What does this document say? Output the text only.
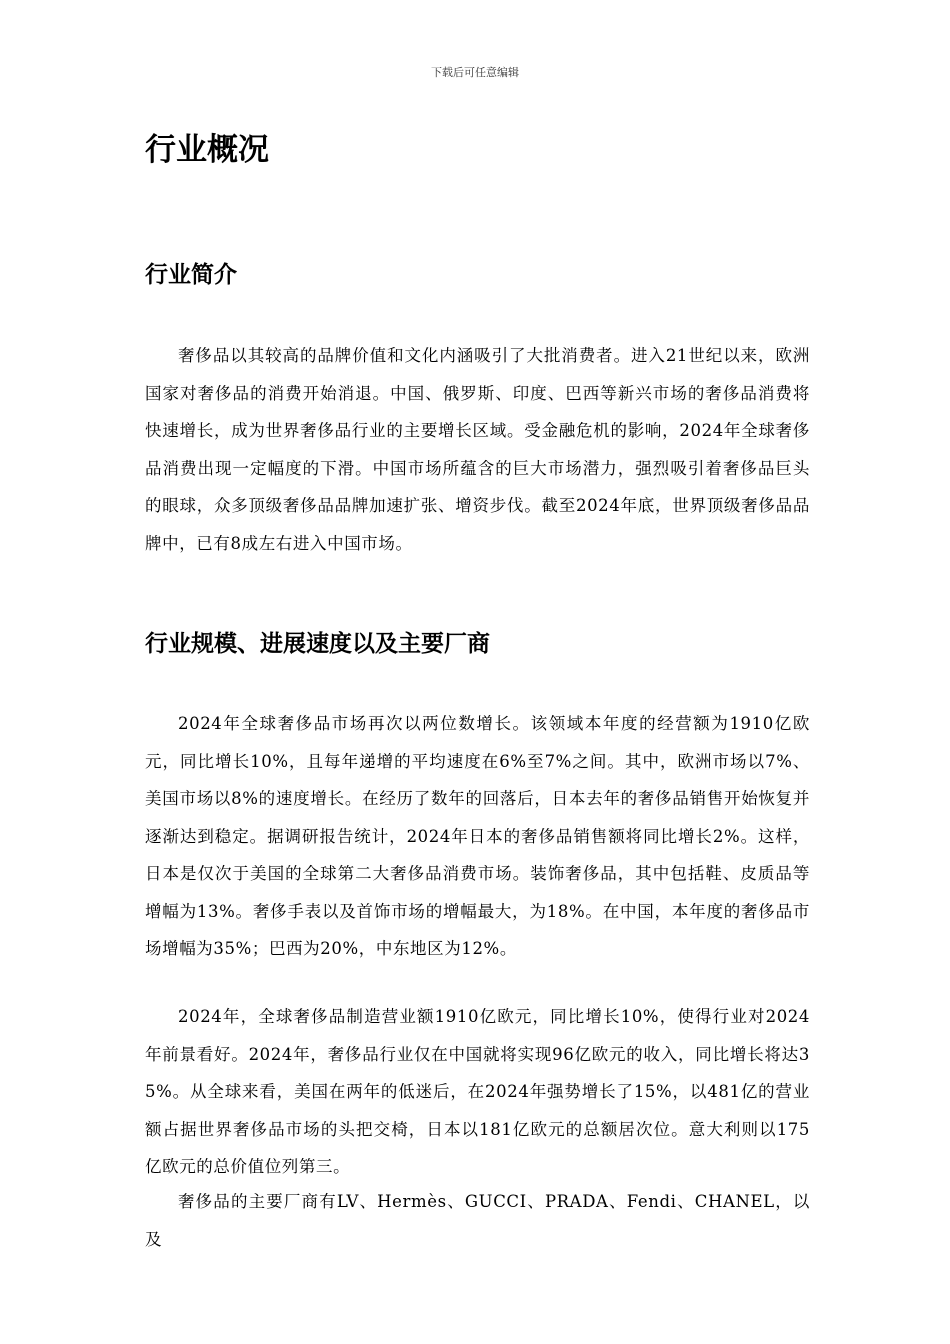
下载后可任意编辑
行业概况
行业简介

奢侈品以其较高的品牌价值和文化内涵吸引了大批消费者。进入21世纪以来，欧洲国家对奢侈品的消费开始消退。中国、俄罗斯、印度、巴西等新兴市场的奢侈品消费将快速增长，成为世界奢侈品行业的主要增长区域。受金融危机的影响，2024年全球奢侈品消费出现一定幅度的下滑。中国市场所蕴含的巨大市场潜力，强烈吸引着奢侈品巨头的眼球，众多顶级奢侈品品牌加速扩张、增资步伐。截至2024年底，世界顶级奢侈品品牌中，已有8成左右进入中国市场。

行业规模、进展速度以及主要厂商

2024年全球奢侈品市场再次以两位数增长。该领域本年度的经营额为1910亿欧元，同比增长10%，且每年递增的平均速度在6%至7%之间。其中，欧洲市场以7%、美国市场以8%的速度增长。在经历了数年的回落后，日本去年的奢侈品销售开始恢复并逐渐达到稳定。据调研报告统计，2024年日本的奢侈品销售额将同比增长2%。这样，日本是仅次于美国的全球第二大奢侈品消费市场。装饰奢侈品，其中包括鞋、皮质品等增幅为13%。奢侈手表以及首饰市场的增幅最大，为18%。在中国，本年度的奢侈品市场增幅为35%；巴西为20%，中东地区为12%。

2024年，全球奢侈品制造营业额1910亿欧元，同比增长10%，使得行业对2024年前景看好。2024年，奢侈品行业仅在中国就将实现96亿欧元的收入，同比增长将达35%。从全球来看，美国在两年的低迷后，在2024年强势增长了15%，以481亿的营业额占据世界奢侈品市场的头把交椅，日本以181亿欧元的总额居次位。意大利则以175亿欧元的总价值位列第三。

奢侈品的主要厂商有LV、Hermès、GUCCI、PRADA、Fendi、CHANEL，以及
